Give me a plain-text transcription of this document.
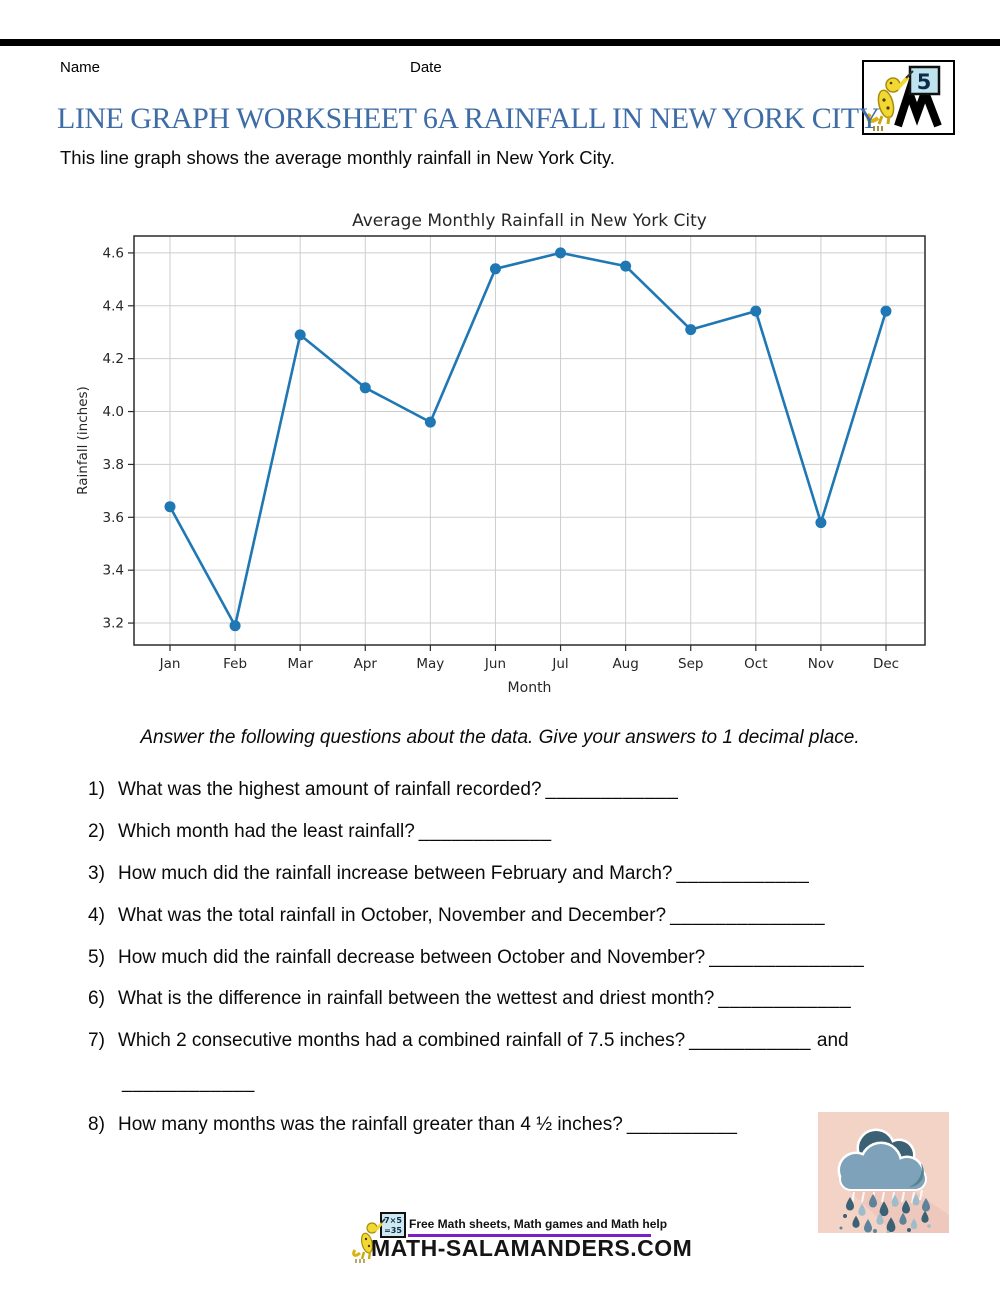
Name	Date
5
LINE GRAPH WORKSHEET 6A RAINFALL IN NEW YORK CITY
This line graph shows the average monthly rainfall in New York City.
3.2
3.4
3.6
3.8
4.0
4.2
4.4
4.6
Jan	Feb	Mar	Apr	May	Jun	Jul	Aug	Sep	Oct	Nov	Dec
Average Monthly Rainfall in New York City
Month
Rainfall (inches)
Answer the following questions about the data. Give your answers to 1 decimal place.
1) What was the highest amount of rainfall recorded? ____________
2) Which month had the least rainfall? ____________
3) How much did the rainfall increase between February and March? ____________
4) What was the total rainfall in October, November and December? ______________
5) How much did the rainfall decrease between October and November? ______________
6) What is the difference in rainfall between the wettest and driest month? ____________
7) Which 2 consecutive months had a combined rainfall of 7.5 inches? ___________ and
____________
8) How many months was the rainfall greater than 4 ½ inches? __________
7×5
=35 Free Math sheets, Math games and Math help
MATH-SALAMANDERS.COM
